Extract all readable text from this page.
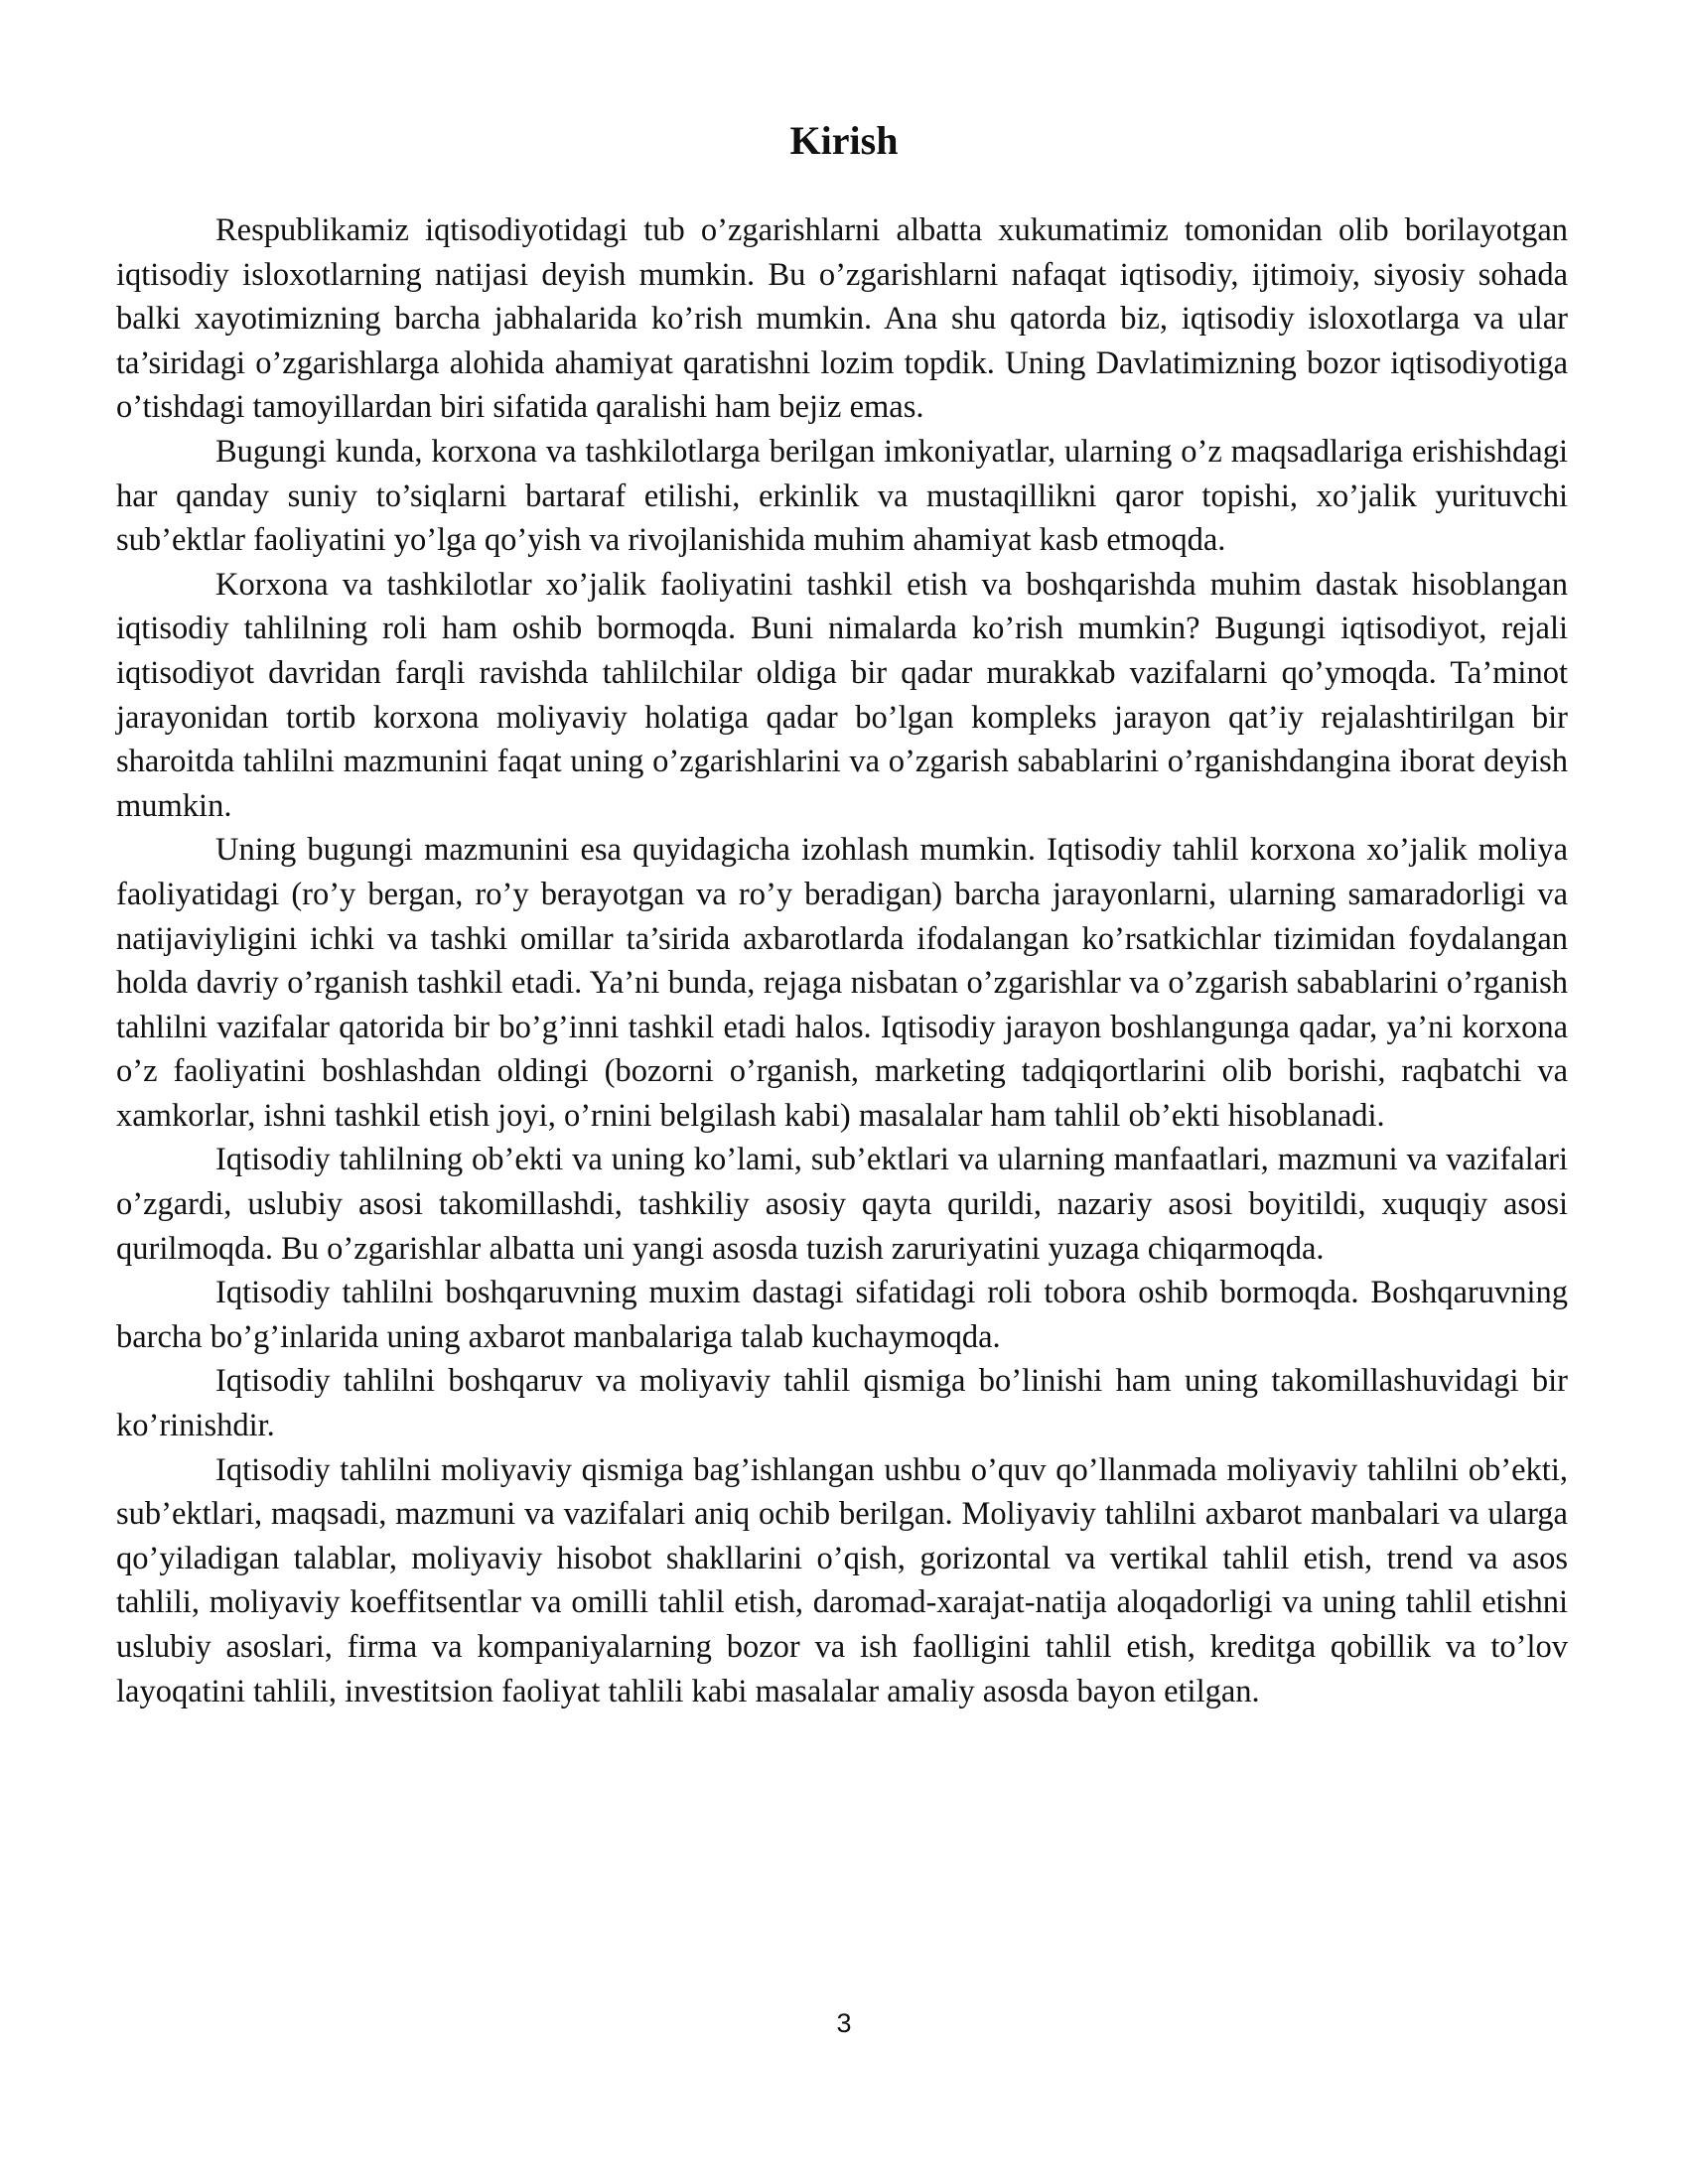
Kirish

Respublikamiz iqtisodiyotidagi tub o’zgarishlarni albatta xukumatimiz tomonidan olib borilayotgan iqtisodiy isloxotlarning natijasi deyish mumkin. Bu o’zgarishlarni nafaqat iqtisodiy, ijtimoiy, siyosiy sohada balki xayotimizning barcha jabhalarida ko’rish mumkin. Ana shu qatorda biz, iqtisodiy isloxotlarga va ular ta’siridagi o’zgarishlarga alohida ahamiyat qaratishni lozim topdik. Uning Davlatimizning bozor iqtisodiyotiga o’tishdagi tamoyillardan biri sifatida qaralishi ham bejiz emas.

Bugungi kunda, korxona va tashkilotlarga berilgan imkoniyatlar, ularning o’z maqsadlariga erishishdagi har qanday suniy to’siqlarni bartaraf etilishi, erkinlik va mustaqillikni qaror topishi, xo’jalik yurituvchi sub’ektlar faoliyatini yo’lga qo’yish va rivojlanishida muhim ahamiyat kasb etmoqda.

Korxona va tashkilotlar xo’jalik faoliyatini tashkil etish va boshqarishda muhim dastak hisoblangan iqtisodiy tahlilning roli ham oshib bormoqda. Buni nimalarda ko’rish mumkin? Bugungi iqtisodiyot, rejali iqtisodiyot davridan farqli ravishda tahlilchilar oldiga bir qadar murakkab vazifalarni qo’ymoqda. Ta’minot jarayonidan tortib korxona moliyaviy holatiga qadar bo’lgan kompleks jarayon qat’iy rejalashtirilgan bir sharoitda tahlilni mazmunini faqat uning o’zgarishlarini va o’zgarish sabablarini o’rganishdangina iborat deyish mumkin.

Uning bugungi mazmunini esa quyidagicha izohlash mumkin. Iqtisodiy tahlil korxona xo’jalik moliya faoliyatidagi (ro’y bergan, ro’y berayotgan va ro’y beradigan) barcha jarayonlarni, ularning samaradorligi va natijaviyligini ichki va tashki omillar ta’sirida axbarotlarda ifodalangan ko’rsatkichlar tizimidan foydalangan holda davriy o’rganish tashkil etadi. Ya’ni bunda, rejaga nisbatan o’zgarishlar va o’zgarish sabablarini o’rganish tahlilni vazifalar qatorida bir bo’g’inni tashkil etadi halos. Iqtisodiy jarayon boshlangunga qadar, ya’ni korxona o’z faoliyatini boshlashdan oldingi (bozorni o’rganish, marketing tadqiqortlarini olib borishi, raqbatchi va xamkorlar, ishni tashkil etish joyi, o’rnini belgilash kabi) masalalar ham tahlil ob’ekti hisoblanadi.

Iqtisodiy tahlilning ob’ekti va uning ko’lami, sub’ektlari va ularning manfaatlari, mazmuni va vazifalari o’zgardi, uslubiy asosi takomillashdi, tashkiliy asosiy qayta qurildi, nazariy asosi boyitildi, xuquqiy asosi qurilmoqda. Bu o’zgarishlar albatta uni yangi asosda tuzish zaruriyatini yuzaga chiqarmoqda.

Iqtisodiy tahlilni boshqaruvning muxim dastagi sifatidagi roli tobora oshib bormoqda. Boshqaruvning barcha bo’g’inlarida uning axbarot manbalariga talab kuchaymoqda.

Iqtisodiy tahlilni boshqaruv va moliyaviy tahlil qismiga bo’linishi ham uning takomillashuvidagi bir ko’rinishdir.

Iqtisodiy tahlilni moliyaviy qismiga bag’ishlangan ushbu o’quv qo’llanmada moliyaviy tahlilni ob’ekti, sub’ektlari, maqsadi, mazmuni va vazifalari aniq ochib berilgan. Moliyaviy tahlilni axbarot manbalari va ularga qo’yiladigan talablar, moliyaviy hisobot shakllarini o’qish, gorizontal va vertikal tahlil etish, trend va asos tahlili, moliyaviy koeffitsentlar va omilli tahlil etish, daromad-xarajat-natija aloqadorligi va uning tahlil etishni uslubiy asoslari, firma va kompaniyalarning bozor va ish faolligini tahlil etish, kreditga qobillik va to’lov layoqatini tahlili, investitsion faoliyat tahlili kabi masalalar amaliy asosda bayon etilgan.

3
